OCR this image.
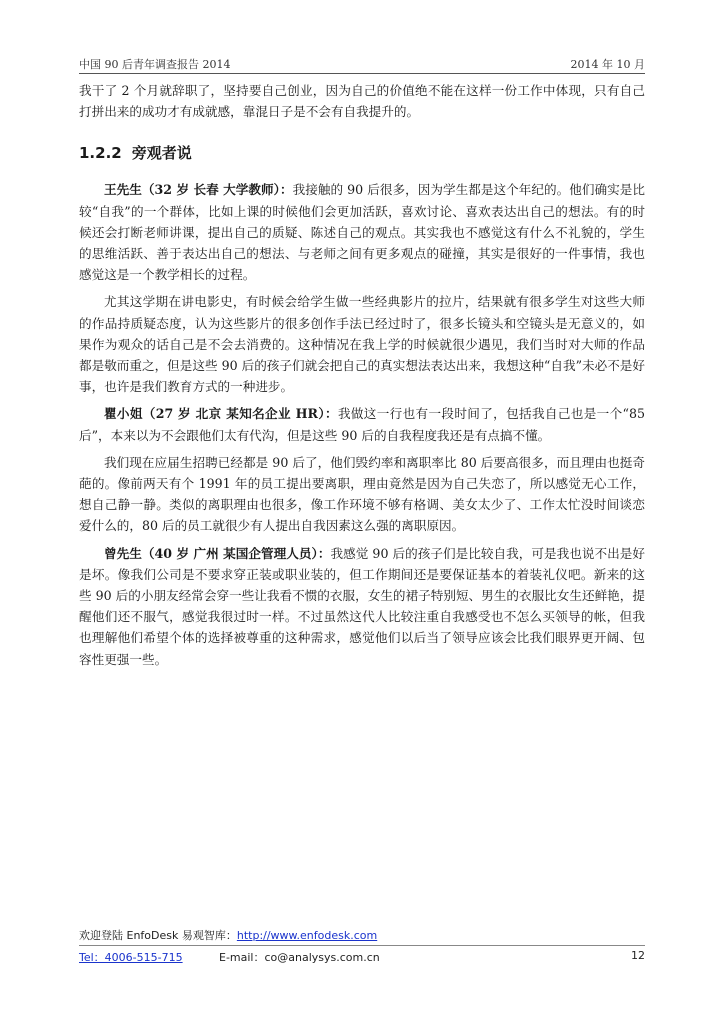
中国 90 后青年调查报告 2014	2014 年 10 月

我干了 2 个月就辞职了，坚持要自己创业，因为自己的价值绝不能在这样一份工作中体现，只有自己打拼出来的成功才有成就感，靠混日子是不会有自我提升的。

1.2.2 旁观者说

王先生（32 岁 长春 大学教师）：我接触的 90 后很多，因为学生都是这个年纪的。他们确实是比较“自我”的一个群体，比如上课的时候他们会更加活跃，喜欢讨论、喜欢表达出自己的想法。有的时候还会打断老师讲课，提出自己的质疑、陈述自己的观点。其实我也不感觉这有什么不礼貌的，学生的思维活跃、善于表达出自己的想法、与老师之间有更多观点的碰撞，其实是很好的一件事情，我也感觉这是一个教学相长的过程。

尤其这学期在讲电影史，有时候会给学生做一些经典影片的拉片，结果就有很多学生对这些大师的作品持质疑态度，认为这些影片的很多创作手法已经过时了，很多长镜头和空镜头是无意义的，如果作为观众的话自己是不会去消费的。这种情况在我上学的时候就很少遇见，我们当时对大师的作品都是敬而重之，但是这些 90 后的孩子们就会把自己的真实想法表达出来，我想这种“自我”未必不是好事，也许是我们教育方式的一种进步。

瞿小姐（27 岁 北京 某知名企业 HR）：我做这一行也有一段时间了，包括我自己也是一个“85 后”，本来以为不会跟他们太有代沟，但是这些 90 后的自我程度我还是有点搞不懂。

我们现在应届生招聘已经都是 90 后了，他们毁约率和离职率比 80 后要高很多，而且理由也挺奇葩的。像前两天有个 1991 年的员工提出要离职，理由竟然是因为自己失恋了，所以感觉无心工作，想自己静一静。类似的离职理由也很多，像工作环境不够有格调、美女太少了、工作太忙没时间谈恋爱什么的，80 后的员工就很少有人提出自我因素这么强的离职原因。

曾先生（40 岁 广州 某国企管理人员）：我感觉 90 后的孩子们是比较自我，可是我也说不出是好是坏。像我们公司是不要求穿正装或职业装的，但工作期间还是要保证基本的着装礼仪吧。新来的这些 90 后的小朋友经常会穿一些让我看不惯的衣服，女生的裙子特别短、男生的衣服比女生还鲜艳，提醒他们还不服气，感觉我很过时一样。不过虽然这代人比较注重自我感受也不怎么买领导的帐，但我也理解他们希望个体的选择被尊重的这种需求，感觉他们以后当了领导应该会比我们眼界更开阔、包容性更强一些。

欢迎登陆 EnfoDesk 易观智库：http://www.enfodesk.com
Tel：4006-515-715	E-mail：co@analysys.com.cn	12
